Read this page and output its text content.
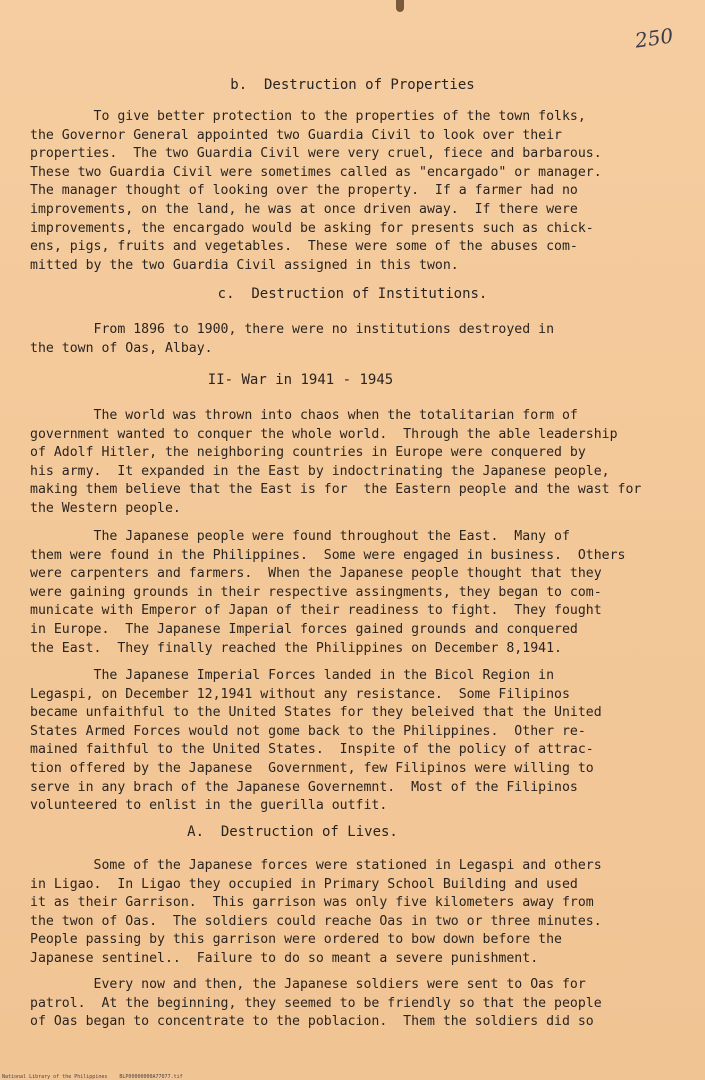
250
b.  Destruction of Properties
To give better protection to the properties of the town folks,
the Governor General appointed two Guardia Civil to look over their
properties.  The two Guardia Civil were very cruel, fiece and barbarous.
These two Guardia Civil were sometimes called as "encargado" or manager.
The manager thought of looking over the property.  If a farmer had no
improvements, on the land, he was at once driven away.  If there were
improvements, the encargado would be asking for presents such as chick-
ens, pigs, fruits and vegetables.  These were some of the abuses com-
mitted by the two Guardia Civil assigned in this twon.
c.  Destruction of Institutions.
From 1896 to 1900, there were no institutions destroyed in
the town of Oas, Albay.
II- War in 1941 - 1945
The world was thrown into chaos when the totalitarian form of
government wanted to conquer the whole world.  Through the able leadership
of Adolf Hitler, the neighboring countries in Europe were conquered by
his army.  It expanded in the East by indoctrinating the Japanese people,
making them believe that the East is for  the Eastern people and the wast for
the Western people.
The Japanese people were found throughout the East.  Many of
them were found in the Philippines.  Some were engaged in business.  Others
were carpenters and farmers.  When the Japanese people thought that they
were gaining grounds in their respective assingments, they began to com-
municate with Emperor of Japan of their readiness to fight.  They fought
in Europe.  The Japanese Imperial forces gained grounds and conquered
the East.  They finally reached the Philippines on December 8,1941.
The Japanese Imperial Forces landed in the Bicol Region in
Legaspi, on December 12,1941 without any resistance.  Some Filipinos
became unfaithful to the United States for they beleived that the United
States Armed Forces would not gome back to the Philippines.  Other re-
mained faithful to the United States.  Inspite of the policy of attrac-
tion offered by the Japanese  Government, few Filipinos were willing to
serve in any brach of the Japanese Governemnt.  Most of the Filipinos
volunteered to enlist in the guerilla outfit.
A.  Destruction of Lives.
Some of the Japanese forces were stationed in Legaspi and others
in Ligao.  In Ligao they occupied in Primary School Building and used
it as their Garrison.  This garrison was only five kilometers away from
the twon of Oas.  The soldiers could reache Oas in two or three minutes.
People passing by this garrison were ordered to bow down before the
Japanese sentinel..  Failure to do so meant a severe punishment.
Every now and then, the Japanese soldiers were sent to Oas for
patrol.  At the beginning, they seemed to be friendly so that the people
of Oas began to concentrate to the poblacion.  Them the soldiers did so
National Library of the Philippines    BLP00000000A77077.tif
